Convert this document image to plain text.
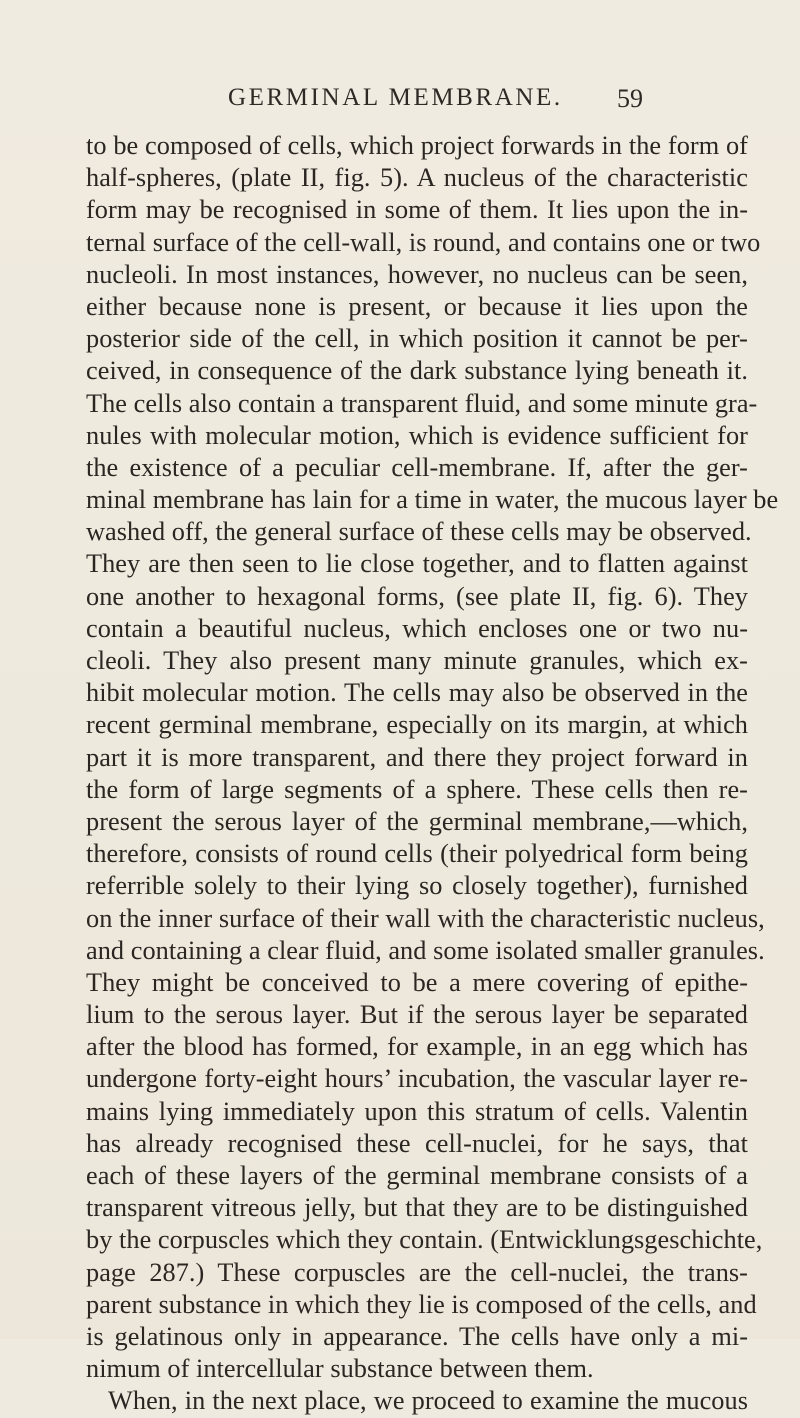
GERMINAL MEMBRANE. 59
to be composed of cells, which project forwards in the form of
half-spheres, (plate II, fig. 5). A nucleus of the characteristic
form may be recognised in some of them. It lies upon the in-
ternal surface of the cell-wall, is round, and contains one or two
nucleoli. In most instances, however, no nucleus can be seen,
either because none is present, or because it lies upon the
posterior side of the cell, in which position it cannot be per-
ceived, in consequence of the dark substance lying beneath it.
The cells also contain a transparent fluid, and some minute gra-
nules with molecular motion, which is evidence sufficient for
the existence of a peculiar cell-membrane. If, after the ger-
minal membrane has lain for a time in water, the mucous layer be
washed off, the general surface of these cells may be observed.
They are then seen to lie close together, and to flatten against
one another to hexagonal forms, (see plate II, fig. 6). They
contain a beautiful nucleus, which encloses one or two nu-
cleoli. They also present many minute granules, which ex-
hibit molecular motion. The cells may also be observed in the
recent germinal membrane, especially on its margin, at which
part it is more transparent, and there they project forward in
the form of large segments of a sphere. These cells then re-
present the serous layer of the germinal membrane,—which,
therefore, consists of round cells (their polyedrical form being
referrible solely to their lying so closely together), furnished
on the inner surface of their wall with the characteristic nucleus,
and containing a clear fluid, and some isolated smaller granules.
They might be conceived to be a mere covering of epithe-
lium to the serous layer. But if the serous layer be separated
after the blood has formed, for example, in an egg which has
undergone forty-eight hours’ incubation, the vascular layer re-
mains lying immediately upon this stratum of cells. Valentin
has already recognised these cell-nuclei, for he says, that
each of these layers of the germinal membrane consists of a
transparent vitreous jelly, but that they are to be distinguished
by the corpuscles which they contain. (Entwicklungsgeschichte,
page 287.) These corpuscles are the cell-nuclei, the trans-
parent substance in which they lie is composed of the cells, and
is gelatinous only in appearance. The cells have only a mi-
nimum of intercellular substance between them.
When, in the next place, we proceed to examine the mucous
